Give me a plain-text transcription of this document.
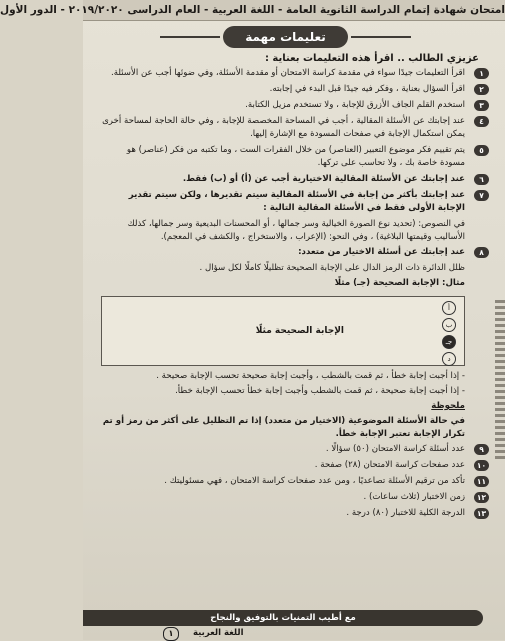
امتحان شهادة إتمام الدراسة الثانوية العامة - اللغة العربية - العام الدراسى ٢٠١٩/٢٠٢٠ - الدور الأول
تعليمات مهمة
عزيزي الطالب .. اقرأ هذه التعليمات بعناية :
١
اقرأ التعليمات جيدًا سواء في مقدمة كراسة الامتحان أو مقدمة الأسئلة، وفي ضوئها أجب عن الأسئلة.
٢
اقرأ السؤال بعناية ، وفكر فيه جيدًا قبل البدء في إجابته.
٣
استخدم القلم الجاف الأزرق للإجابة ، ولا تستخدم مزيل الكتابة.
٤
عند إجابتك عن الأسئلة المقالية ، أجب في المساحة المخصصة للإجابة ، وفي حالة الحاجة لمساحة أخرى يمكن استكمال الإجابة في صفحات المسودة مع الإشارة إليها.
٥
يتم تقييم فكر موضوع التعبير (العناصر) من خلال الفقرات الست ، وما تكتبه من فكر (عناصر) هو مسودة خاصة بك ، ولا تحاسب على تركها.
٦
عند إجابتك عن الأسئلة المقالية الاختيارية أجب عن (أ) أو (ب) فقط.
٧
عند إجابتك بأكثر من إجابة في الأسئلة المقالية سيتم تقديرها ، ولكن سيتم تقدير الإجابة الأولى فقط في الأسئلة المقالية التالية :
في النصوص: (تحديد نوع الصورة الخيالية وسر جمالها ، أو المحسنات البديعية وسر جمالها، كذلك الأساليب وقيمتها البلاغية) ، وفي النحو: (الإعراب ، والاستخراج ، والكشف في المعجم).
٨
عند إجابتك عن أسئلة الاختيار من متعدد:
ظلل الدائرة ذات الرمز الدال على الإجابة الصحيحة تظليلًا كاملًا لكل سؤال .
مثال: الإجابة الصحيحة (جـ) مثلًا
أ
ب
جـ
د
الإجابة الصحيحة مثلًا
- إذا أجبت إجابة خطأ ، ثم قمت بالشطب ، وأجبت إجابة صحيحة تحسب الإجابة صحيحة .
- إذا أجبت إجابة صحيحة ، ثم قمت بالشطب وأجبت إجابة خطأ تحسب الإجابة خطأ.
ملحوظة
في حالة الأسئلة الموضوعية (الاختيار من متعدد) إذا تم التظليل على أكثر من رمز أو تم تكرار الإجابة تعتبر الإجابة خطأ.
٩
عدد أسئلة كراسة الامتحان (٥٠) سؤالًا .
١٠
عدد صفحات كراسة الامتحان (٢٨) صفحة .
١١
تأكد من ترقيم الأسئلة تصاعديًا ، ومن عدد صفحات كراسة الامتحان ، فهي مسئوليتك .
١٢
زمن الاختبار (ثلاث ساعات) .
١٣
الدرجة الكلية للاختبار (٨٠) درجة .
مع أطيب التمنيات بالتوفيق والنجاح
اللغة العربية
١
